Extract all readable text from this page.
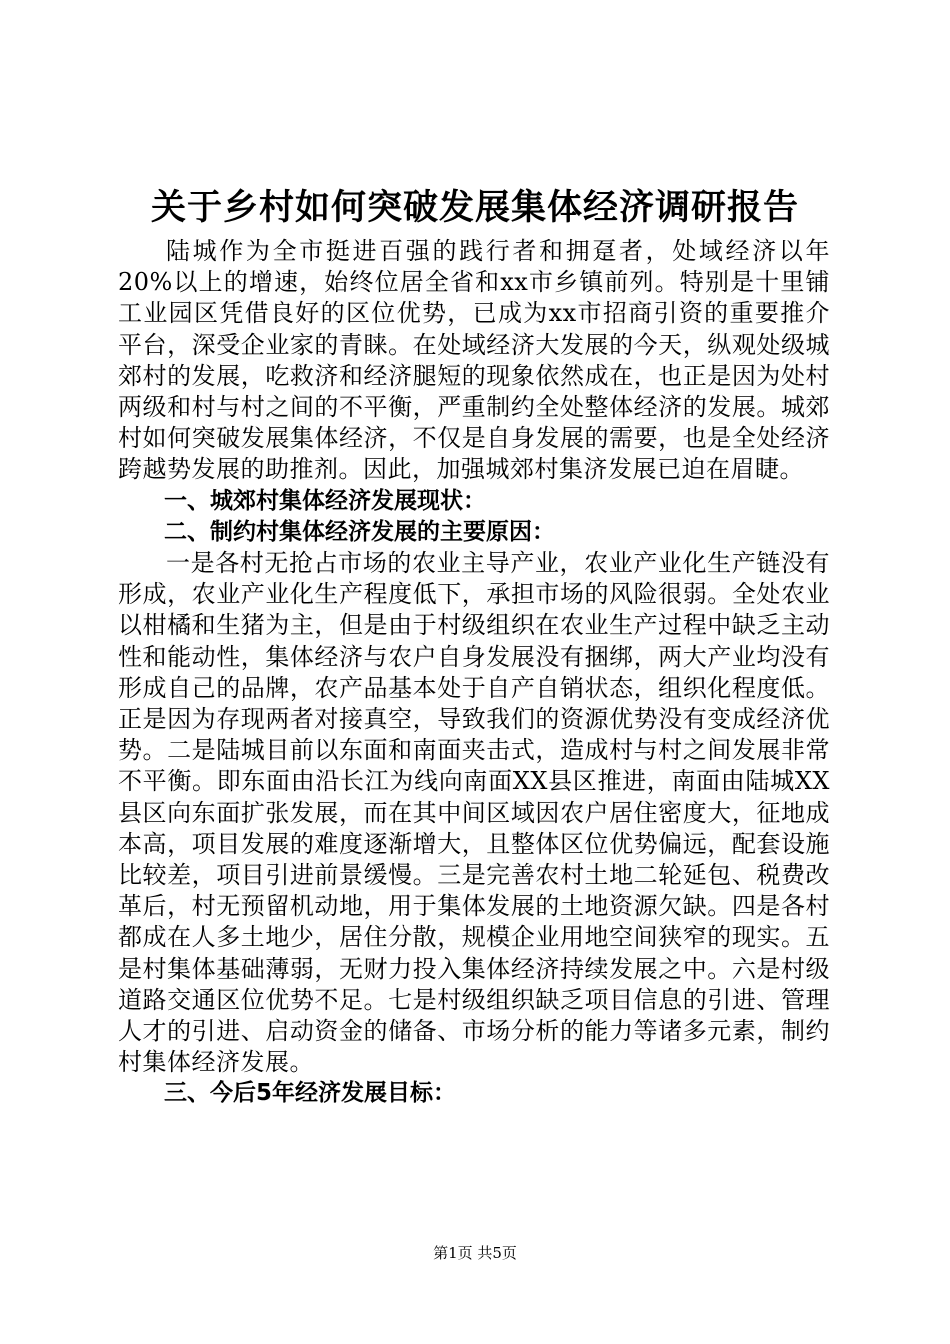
关于乡村如何突破发展集体经济调研报告

陆城作为全市挺进百强的践行者和拥趸者，处域经济以年20%以上的增速，始终位居全省和xx市乡镇前列。特别是十里铺工业园区凭借良好的区位优势，已成为xx市招商引资的重要推介平台，深受企业家的青睐。在处域经济大发展的今天，纵观处级城郊村的发展，吃救济和经济腿短的现象依然成在，也正是因为处村两级和村与村之间的不平衡，严重制约全处整体经济的发展。城郊村如何突破发展集体经济，不仅是自身发展的需要，也是全处经济跨越势发展的助推剂。因此，加强城郊村集济发展已迫在眉睫。

一、城郊村集体经济发展现状：

二、制约村集体经济发展的主要原因：

一是各村无抢占市场的农业主导产业，农业产业化生产链没有形成，农业产业化生产程度低下，承担市场的风险很弱。全处农业以柑橘和生猪为主，但是由于村级组织在农业生产过程中缺乏主动性和能动性，集体经济与农户自身发展没有捆绑，两大产业均没有形成自己的品牌，农产品基本处于自产自销状态，组织化程度低。正是因为存现两者对接真空，导致我们的资源优势没有变成经济优势。二是陆城目前以东面和南面夹击式，造成村与村之间发展非常不平衡。即东面由沿长江为线向南面XX县区推进，南面由陆城XX县区向东面扩张发展，而在其中间区域因农户居住密度大，征地成本高，项目发展的难度逐渐增大，且整体区位优势偏远，配套设施比较差，项目引进前景缓慢。三是完善农村土地二轮延包、税费改革后，村无预留机动地，用于集体发展的土地资源欠缺。四是各村都成在人多土地少，居住分散，规模企业用地空间狭窄的现实。五是村集体基础薄弱，无财力投入集体经济持续发展之中。六是村级道路交通区位优势不足。七是村级组织缺乏项目信息的引进、管理人才的引进、启动资金的储备、市场分析的能力等诸多元素，制约村集体经济发展。

三、今后5年经济发展目标：

第1页 共5页
